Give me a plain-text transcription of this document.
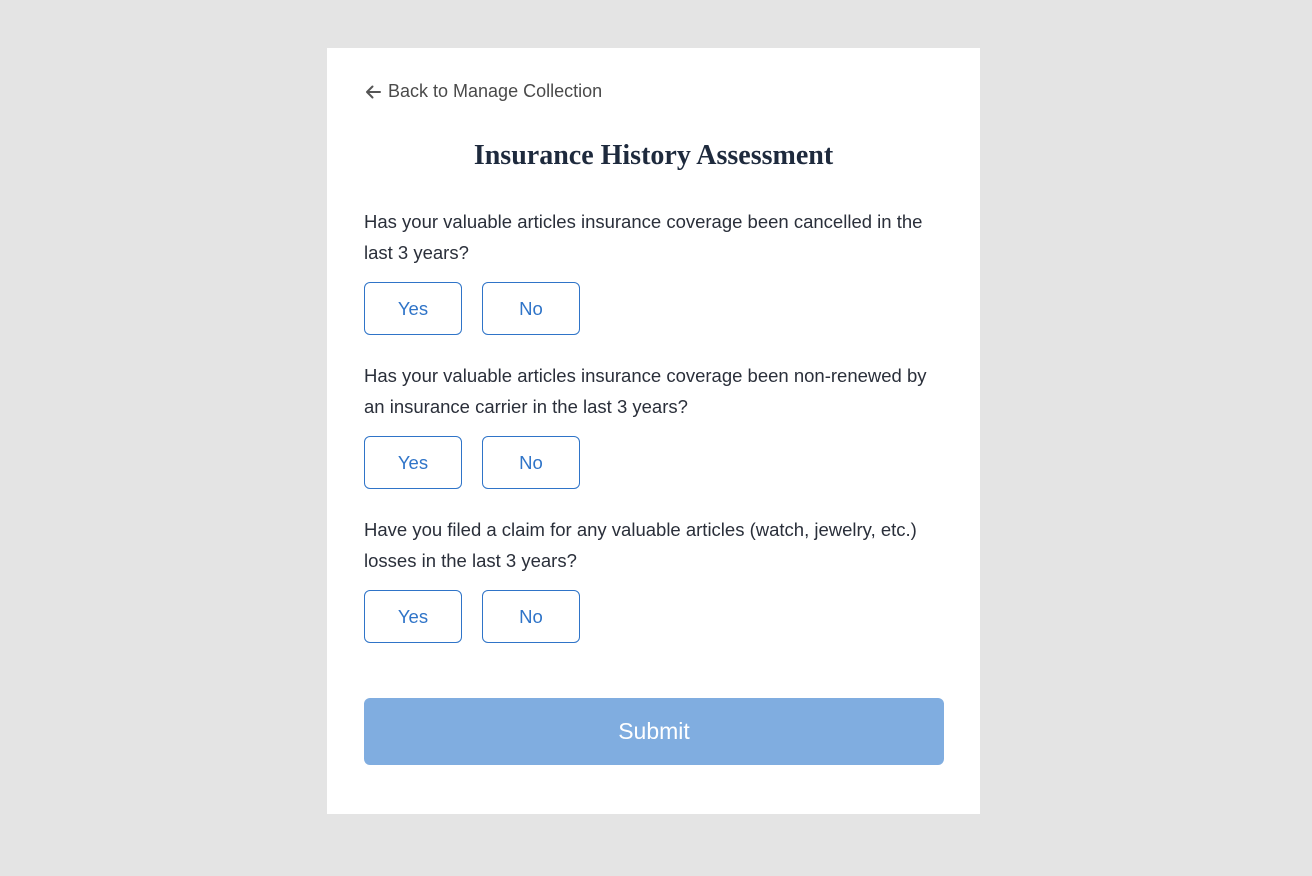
Back to Manage Collection
Insurance History Assessment

Has your valuable articles insurance coverage been cancelled in the last 3 years?

Yes	No

Has your valuable articles insurance coverage been non-renewed by an insurance carrier in the last 3 years?

Yes	No

Have you filed a claim for any valuable articles (watch, jewelry, etc.) losses in the last 3 years?

Yes	No
Submit
